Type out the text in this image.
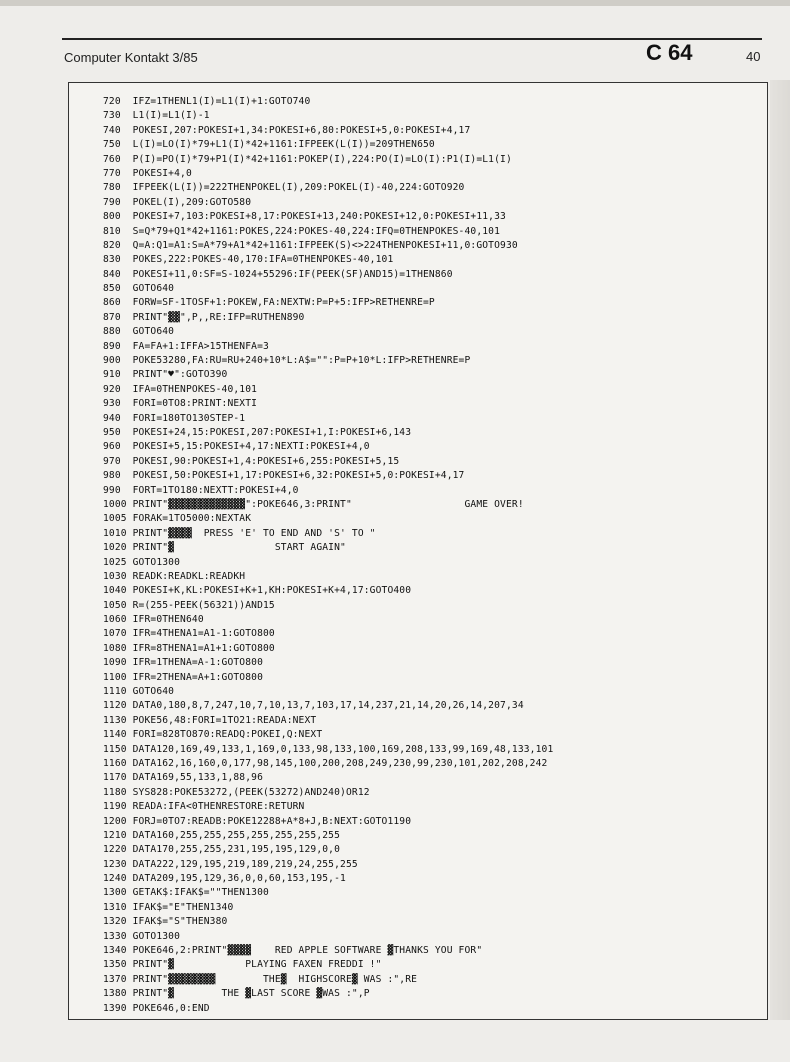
Computer Kontakt 3/85	C 64	40
720  IFZ=1THENL1(I)=L1(I)+1:GOTO740
730  L1(I)=L1(I)-1
740  POKESI,207:POKESI+1,34:POKESI+6,80:POKESI+5,0:POKESI+4,17
750  L(I)=LO(I)*79+L1(I)*42+1161:IFPEEK(L(I))=209THEN650
760  P(I)=PO(I)*79+P1(I)*42+1161:POKEP(I),224:PO(I)=LO(I):P1(I)=L1(I)
770  POKESI+4,0
780  IFPEEK(L(I))=222THENPOKEL(I),209:POKEL(I)-40,224:GOTO920
790  POKEL(I),209:GOTO580
800  POKESI+7,103:POKESI+8,17:POKESI+13,240:POKESI+12,0:POKESI+11,33
810  S=Q*79+Q1*42+1161:POKES,224:POKES-40,224:IFQ=0THENPOKES-40,101
820  Q=A:Q1=A1:S=A*79+A1*42+1161:IFPEEK(S)<>224THENPOKESI+11,0:GOTO930
830  POKES,222:POKES-40,170:IFA=0THENPOKES-40,101
840  POKESI+11,0:SF=S-1024+55296:IF(PEEK(SF)AND15)=1THEN860
850  GOTO640
860  FORW=SF-1TOSF+1:POKEW,FA:NEXTW:P=P+5:IFP>RETHENRE=P
870  PRINT"▓▓",P,,RE:IFP=RUTHEN890
880  GOTO640
890  FA=FA+1:IFFA>15THENFA=3
900  POKE53280,FA:RU=RU+240+10*L:A$="":P=P+10*L:IFP>RETHENRE=P
910  PRINT"♥":GOTO390
920  IFA=0THENPOKES-40,101
930  FORI=0TO8:PRINT:NEXTI
940  FORI=180TO130STEP-1
950  POKESI+24,15:POKESI,207:POKESI+1,I:POKESI+6,143
960  POKESI+5,15:POKESI+4,17:NEXTI:POKESI+4,0
970  POKESI,90:POKESI+1,4:POKESI+6,255:POKESI+5,15
980  POKESI,50:POKESI+1,17:POKESI+6,32:POKESI+5,0:POKESI+4,17
990  FORT=1TO180:NEXTT:POKESI+4,0
1000 PRINT"▓▓▓▓▓▓▓▓▓▓▓▓▓":POKE646,3:PRINT"                   GAME OVER!
1005 FORAK=1TO5000:NEXTAK
1010 PRINT"▓▓▓▓  PRESS 'E' TO END AND 'S' TO "
1020 PRINT"▓                 START AGAIN"
1025 GOTO1300
1030 READK:READKL:READKH
1040 POKESI+K,KL:POKESI+K+1,KH:POKESI+K+4,17:GOTO400
1050 R=(255-PEEK(56321))AND15
1060 IFR=0THEN640
1070 IFR=4THENA1=A1-1:GOTO800
1080 IFR=8THENA1=A1+1:GOTO800
1090 IFR=1THENA=A-1:GOTO800
1100 IFR=2THENA=A+1:GOTO800
1110 GOTO640
1120 DATA0,180,8,7,247,10,7,10,13,7,103,17,14,237,21,14,20,26,14,207,34
1130 POKE56,48:FORI=1TO21:READA:NEXT
1140 FORI=828TO870:READQ:POKEI,Q:NEXT
1150 DATA120,169,49,133,1,169,0,133,98,133,100,169,208,133,99,169,48,133,101
1160 DATA162,16,160,0,177,98,145,100,200,208,249,230,99,230,101,202,208,242
1170 DATA169,55,133,1,88,96
1180 SYS828:POKE53272,(PEEK(53272)AND240)OR12
1190 READA:IFA<0THENRESTORE:RETURN
1200 FORJ=0TO7:READB:POKE12288+A*8+J,B:NEXT:GOTO1190
1210 DATA160,255,255,255,255,255,255,255
1220 DATA170,255,255,231,195,195,129,0,0
1230 DATA222,129,195,219,189,219,24,255,255
1240 DATA209,195,129,36,0,0,60,153,195,-1
1300 GETAK$:IFAK$=""THEN1300
1310 IFAK$="E"THEN1340
1320 IFAK$="S"THEN380
1330 GOTO1300
1340 POKE646,2:PRINT"▓▓▓▓    RED APPLE SOFTWARE ▓THANKS YOU FOR"
1350 PRINT"▓            PLAYING FAXEN FREDDI !"
1370 PRINT"▓▓▓▓▓▓▓▓        THE▓  HIGHSCORE▓ WAS :",RE
1380 PRINT"▓        THE ▓LAST SCORE ▓WAS :",P
1390 POKE646,0:END
